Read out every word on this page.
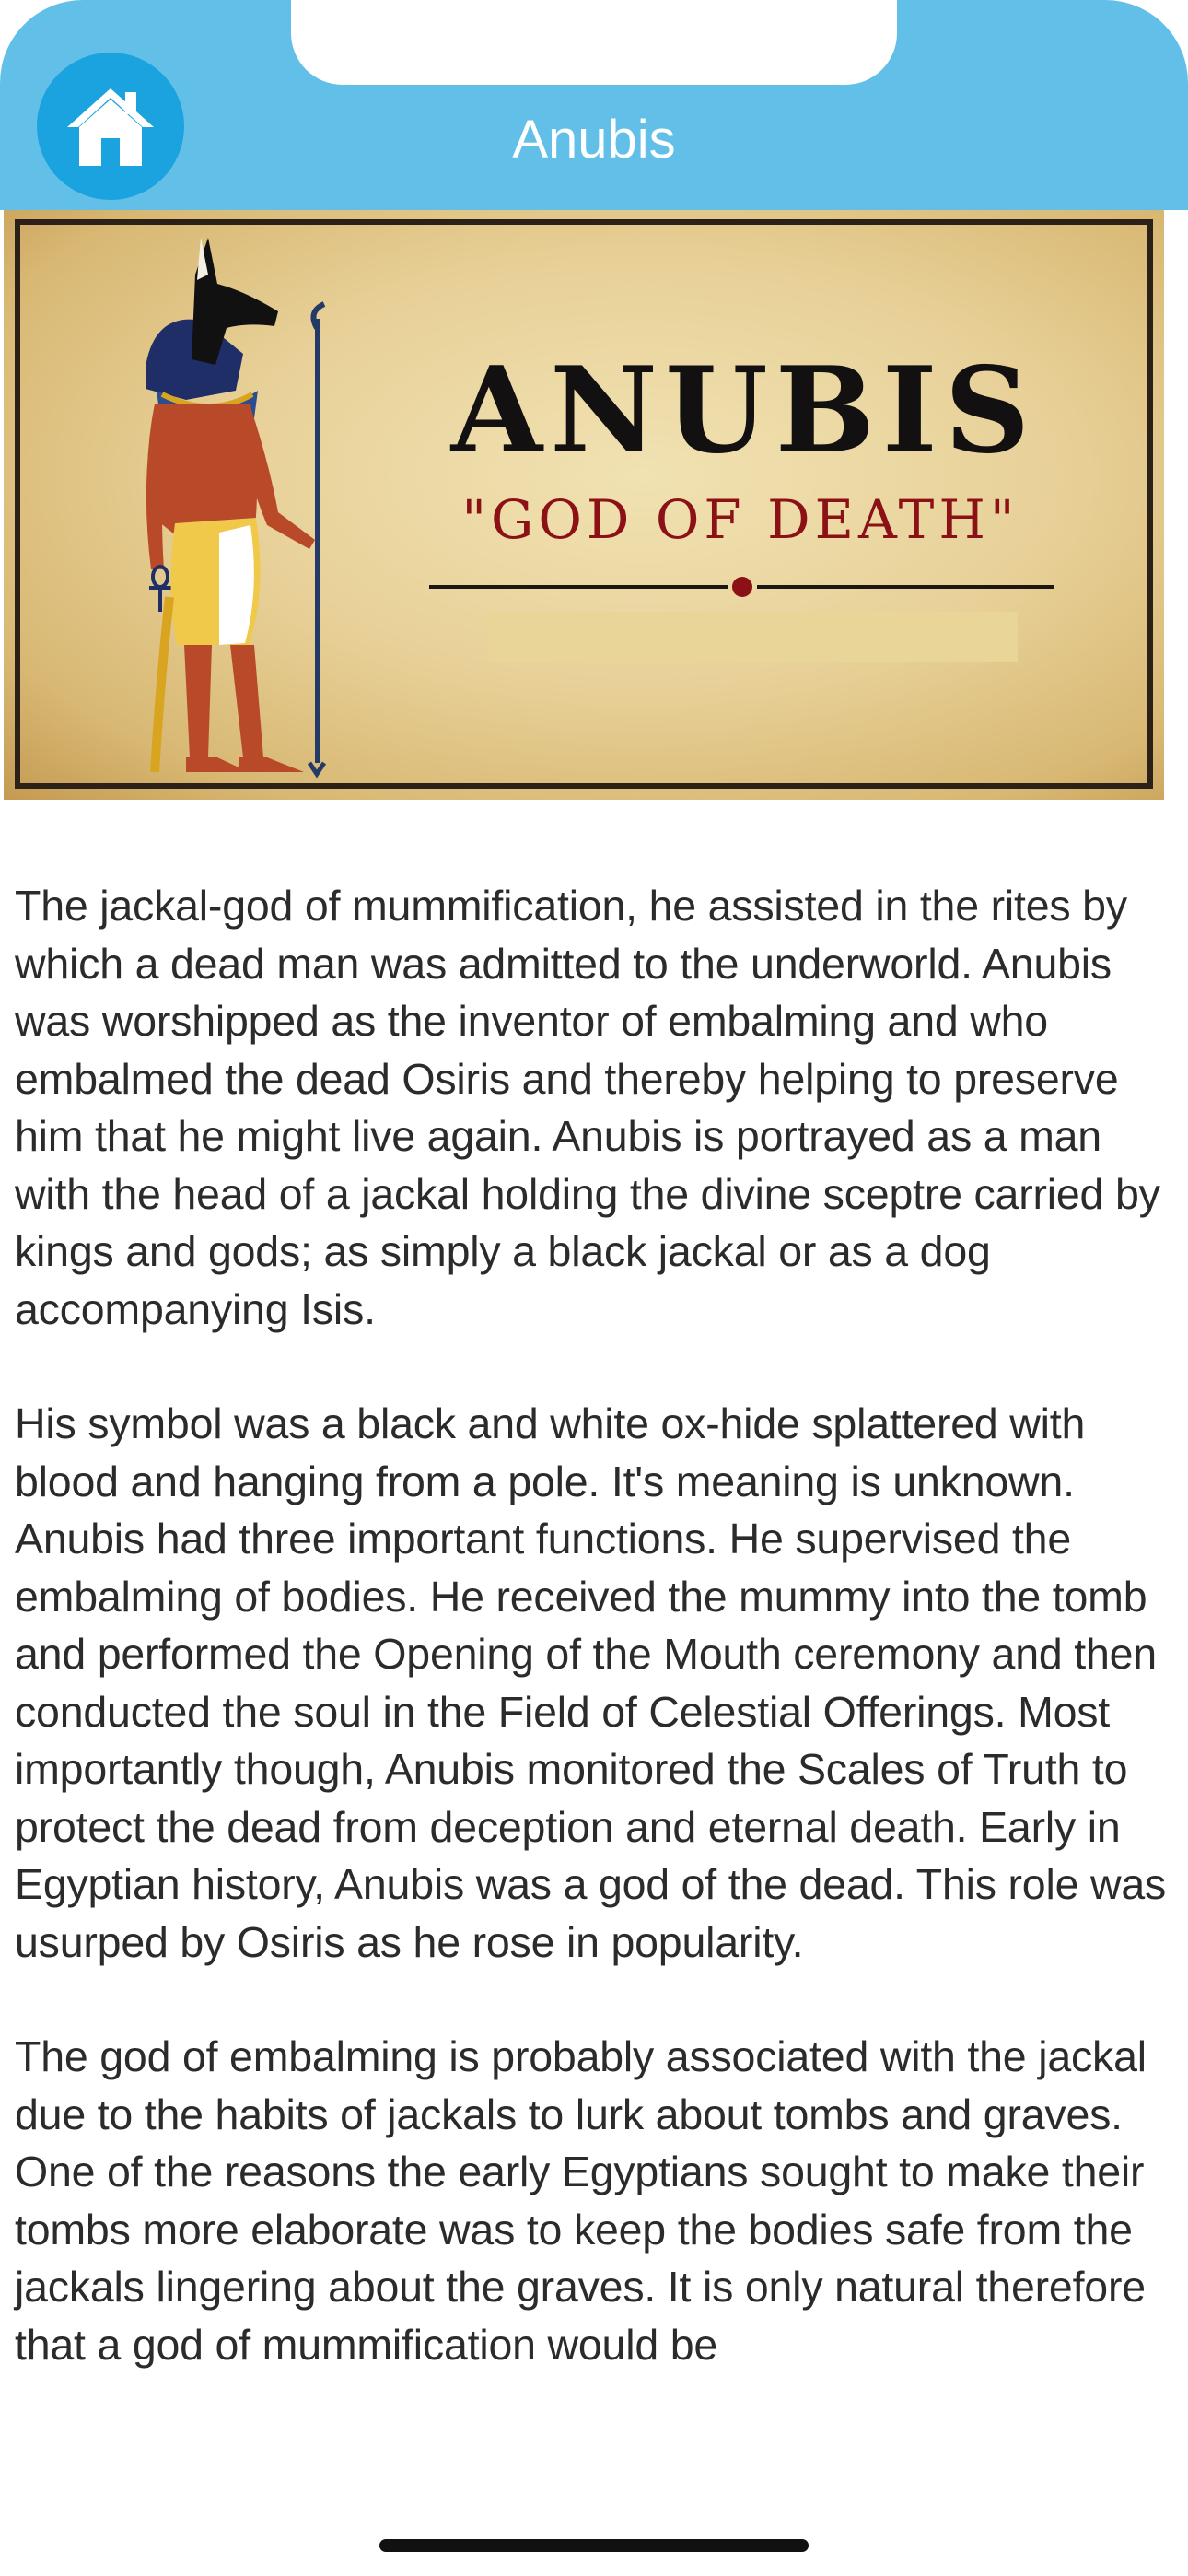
Anubis
ANUBIS
"GOD OF DEATH"

The jackal-god of mummification, he assisted in the rites by which a dead man was admitted to the underworld. Anubis was worshipped as the inventor of embalming and who embalmed the dead Osiris and thereby helping to preserve him that he might live again. Anubis is portrayed as a man with the head of a jackal holding the divine sceptre carried by kings and gods; as simply a black jackal or as a dog accompanying Isis.

His symbol was a black and white ox-hide splattered with blood and hanging from a pole. It's meaning is unknown. Anubis had three important functions. He supervised the embalming of bodies. He received the mummy into the tomb and performed the Opening of the Mouth ceremony and then conducted the soul in the Field of Celestial Offerings. Most importantly though, Anubis monitored the Scales of Truth to protect the dead from deception and eternal death. Early in Egyptian history, Anubis was a god of the dead. This role was usurped by Osiris as he rose in popularity.

The god of embalming is probably associated with the jackal due to the habits of jackals to lurk about tombs and graves. One of the reasons the early Egyptians sought to make their tombs more elaborate was to keep the bodies safe from the jackals lingering about the graves. It is only natural therefore that a god of mummification would be
